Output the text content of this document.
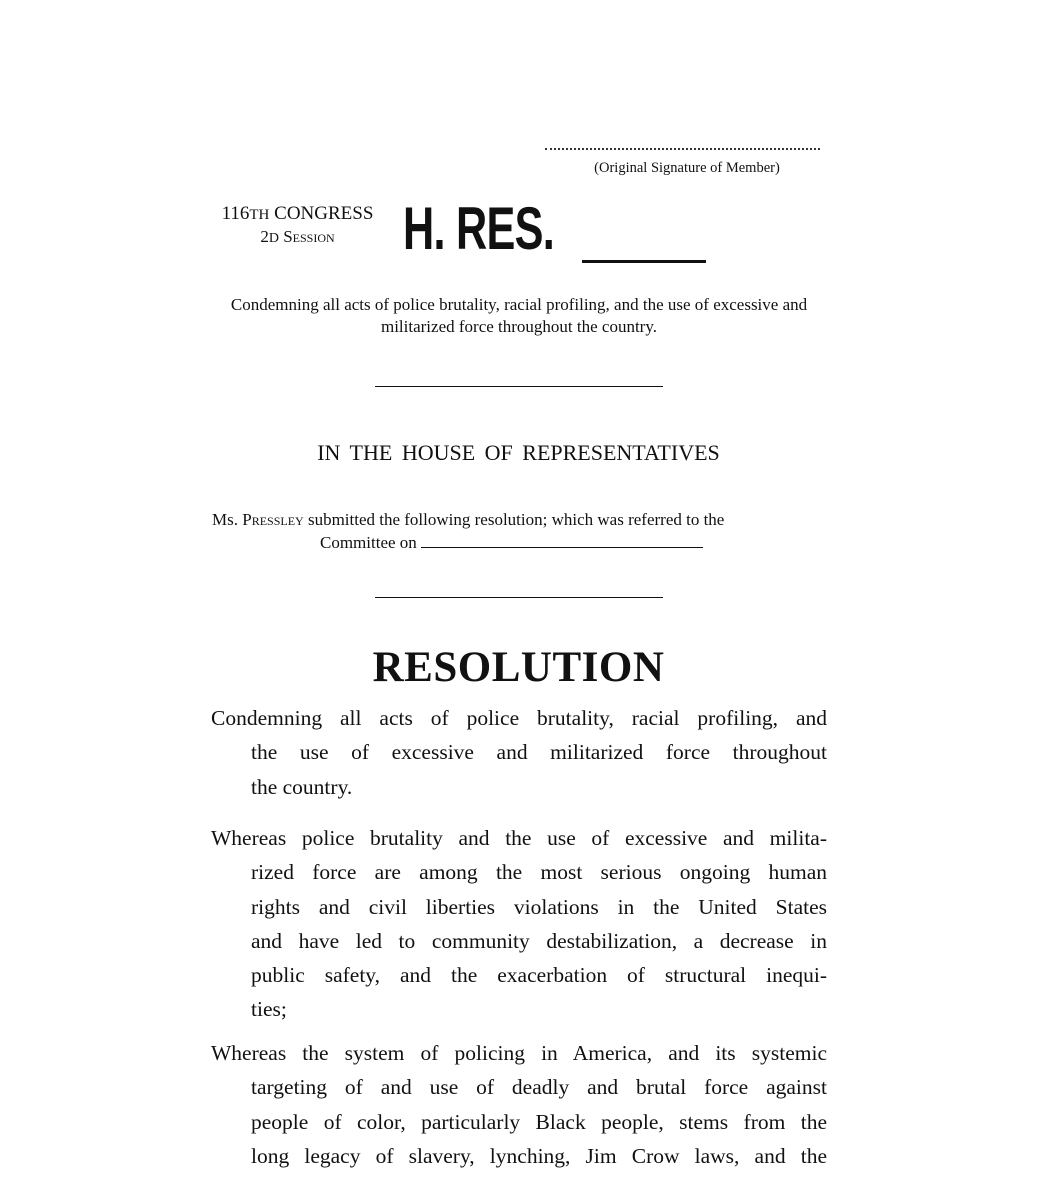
(Original Signature of Member)
116TH CONGRESS
2D Session	H. RES.
Condemning all acts of police brutality, racial profiling, and the use of excessive and militarized force throughout the country.
IN THE HOUSE OF REPRESENTATIVES
Ms. Pressley submitted the following resolution; which was referred to the
Committee on
RESOLUTION
Condemning all acts of police brutality, racial profiling, and
the use of excessive and militarized force throughout
the country.
Whereas police brutality and the use of excessive and milita-
rized force are among the most serious ongoing human
rights and civil liberties violations in the United States
and have led to community destabilization, a decrease in
public safety, and the exacerbation of structural inequi-
ties;
Whereas the system of policing in America, and its systemic
targeting of and use of deadly and brutal force against
people of color, particularly Black people, stems from the
long legacy of slavery, lynching, Jim Crow laws, and the
